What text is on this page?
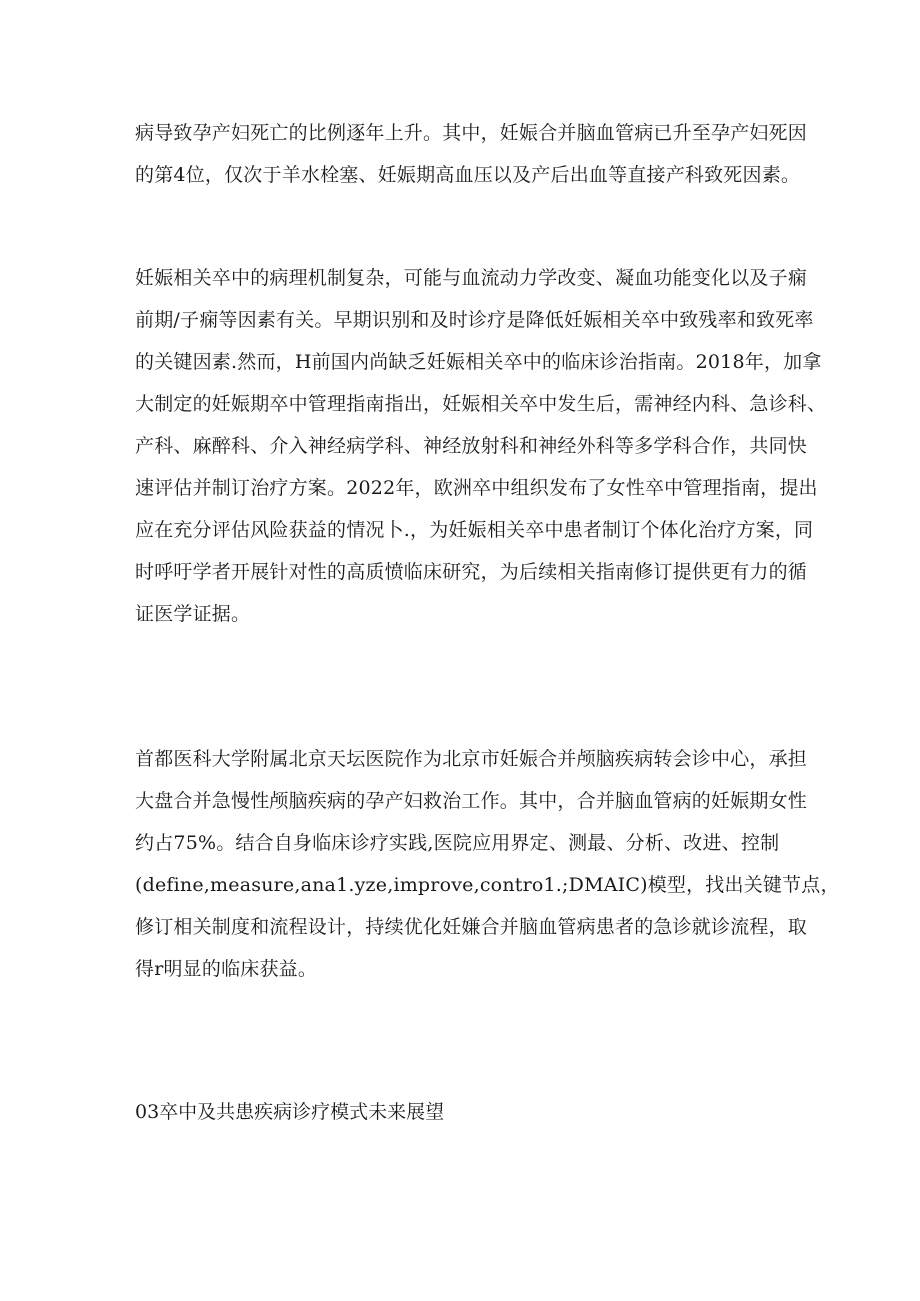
病导致孕产妇死亡的比例逐年上升。其中，妊娠合并脑血管病已升至孕产妇死因
的第4位，仅次于羊水栓塞、妊娠期高血压以及产后出血等直接产科致死因素。
妊娠相关卒中的病理机制复杂，可能与血流动力学改变、凝血功能变化以及子痫
前期/子痫等因素有关。早期识别和及时诊疗是降低妊娠相关卒中致残率和致死率
的关键因素.然而，H前国内尚缺乏妊娠相关卒中的临床诊治指南。2018年，加拿
大制定的妊娠期卒中管理指南指出，妊娠相关卒中发生后，需神经内科、急诊科、
产科、麻醉科、介入神经病学科、神经放射科和神经外科等多学科合作，共同快
速评估并制订治疗方案。2022年，欧洲卒中组织发布了女性卒中管理指南，提出
应在充分评估风险获益的情况卜.，为妊娠相关卒中患者制订个体化治疗方案，同
时呼吁学者开展针对性的高质愤临床研究，为后续相关指南修订提供更有力的循
证医学证据。
首都医科大学附属北京天坛医院作为北京市妊娠合并颅脑疾病转会诊中心，承担
大盘合并急慢性颅脑疾病的孕产妇救治工作。其中，合并脑血管病的妊娠期女性
约占75%。结合自身临床诊疗实践,医院应用界定、测最、分析、改进、控制
(define,measure,ana1.yze,improve,contro1.;DMAIC)模型，找出关键节点，
修订相关制度和流程设计，持续优化妊嫌合并脑血管病患者的急诊就诊流程，取
得r明显的临床获益。
03卒中及共患疾病诊疗模式未来展望
